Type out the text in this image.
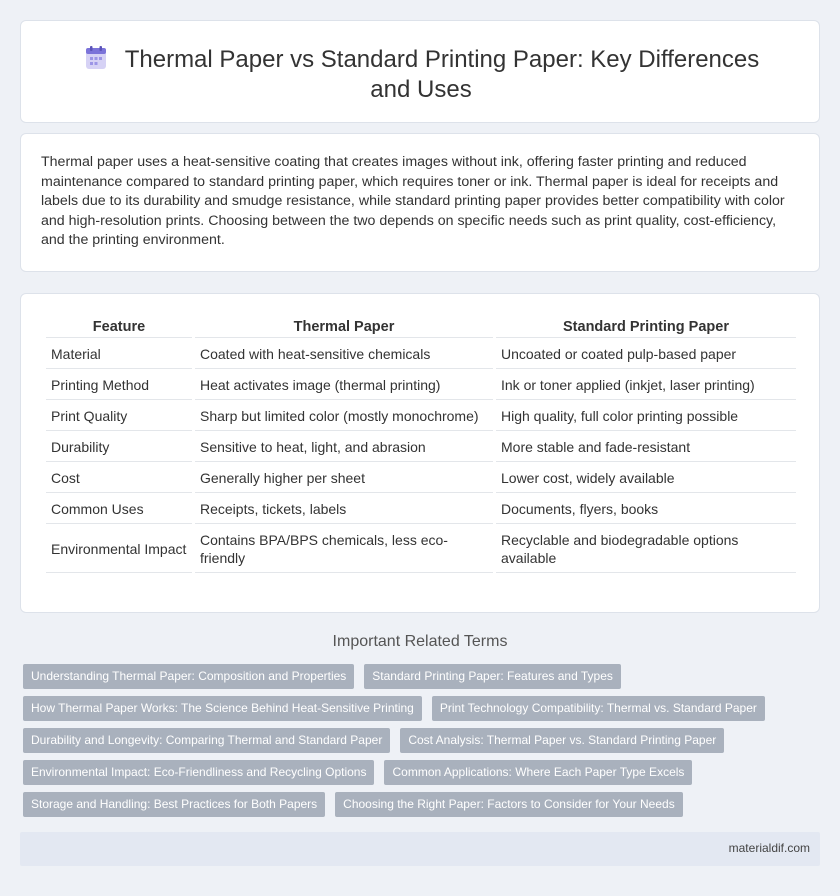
Thermal Paper vs Standard Printing Paper: Key Differences and Uses

Thermal paper uses a heat-sensitive coating that creates images without ink, offering faster printing and reduced maintenance compared to standard printing paper, which requires toner or ink. Thermal paper is ideal for receipts and labels due to its durability and smudge resistance, while standard printing paper provides better compatibility with color and high-resolution prints. Choosing between the two depends on specific needs such as print quality, cost-efficiency, and the printing environment.

Feature	Thermal Paper	Standard Printing Paper
Material	Coated with heat-sensitive chemicals	Uncoated or coated pulp-based paper
Printing Method	Heat activates image (thermal printing)	Ink or toner applied (inkjet, laser printing)
Print Quality	Sharp but limited color (mostly monochrome)	High quality, full color printing possible
Durability	Sensitive to heat, light, and abrasion	More stable and fade-resistant
Cost	Generally higher per sheet	Lower cost, widely available
Common Uses	Receipts, tickets, labels	Documents, flyers, books
Environmental Impact	Contains BPA/BPS chemicals, less eco-friendly	Recyclable and biodegradable options available
Important Related Terms
Understanding Thermal Paper: Composition and Properties	Standard Printing Paper: Features and Types
How Thermal Paper Works: The Science Behind Heat-Sensitive Printing	Print Technology Compatibility: Thermal vs. Standard Paper
Durability and Longevity: Comparing Thermal and Standard Paper	Cost Analysis: Thermal Paper vs. Standard Printing Paper
Environmental Impact: Eco-Friendliness and Recycling Options	Common Applications: Where Each Paper Type Excels
Storage and Handling: Best Practices for Both Papers	Choosing the Right Paper: Factors to Consider for Your Needs
materialdif.com
